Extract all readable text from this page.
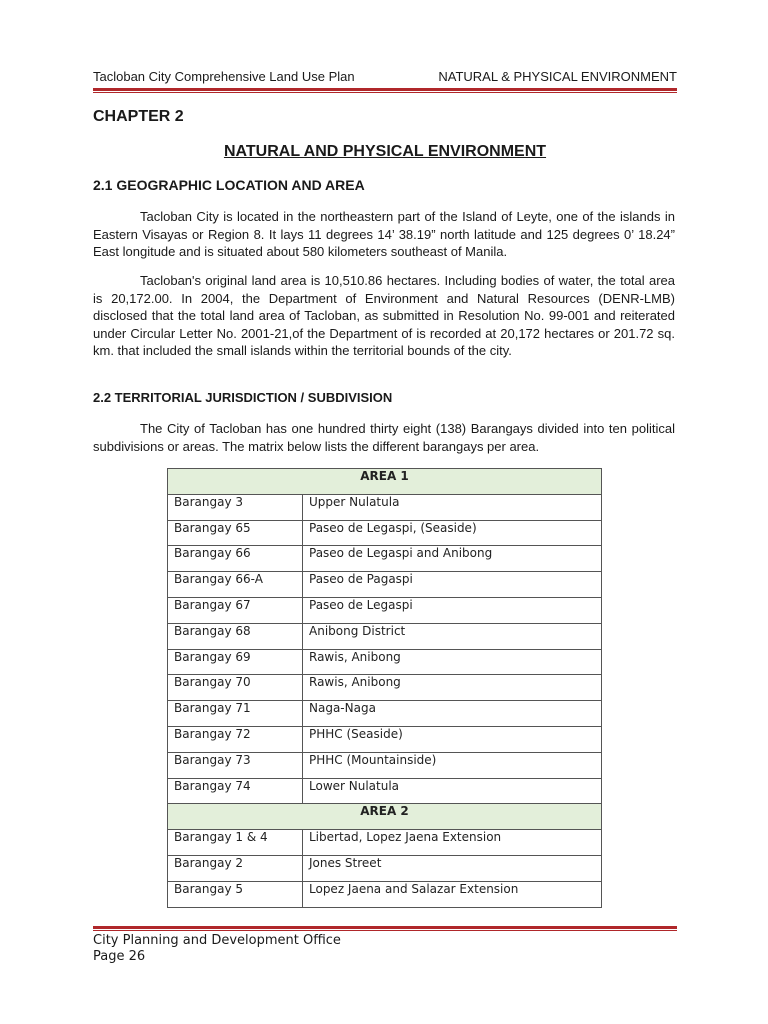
Tacloban City Comprehensive Land Use Plan	NATURAL & PHYSICAL ENVIRONMENT
CHAPTER 2
NATURAL AND PHYSICAL ENVIRONMENT
2.1 GEOGRAPHIC LOCATION AND AREA

Tacloban City is located in the northeastern part of the Island of Leyte, one of the islands in Eastern Visayas or Region 8. It lays 11 degrees 14’ 38.19” north latitude and 125 degrees 0’ 18.24” East longitude and is situated about 580 kilometers southeast of Manila.

Tacloban's original land area is 10,510.86 hectares. Including bodies of water, the total area is 20,172.00. In 2004, the Department of Environment and Natural Resources (DENR-LMB) disclosed that the total land area of Tacloban, as submitted in Resolution No. 99-001 and reiterated under Circular Letter No. 2001-21,of the Department of is recorded at 20,172 hectares or 201.72 sq. km. that included the small islands within the territorial bounds of the city.

2.2 TERRITORIAL JURISDICTION / SUBDIVISION

The City of Tacloban has one hundred thirty eight (138) Barangays divided into ten political subdivisions or areas. The matrix below lists the different barangays per area.

AREA 1	
Barangay 3	Upper Nulatula
Barangay 65	Paseo de Legaspi, (Seaside)
Barangay 66	Paseo de Legaspi and Anibong
Barangay 66-A	Paseo de Pagaspi
Barangay 67	Paseo de Legaspi
Barangay 68	Anibong District
Barangay 69	Rawis, Anibong
Barangay 70	Rawis, Anibong
Barangay 71	Naga-Naga
Barangay 72	PHHC (Seaside)
Barangay 73	PHHC (Mountainside)
Barangay 74	Lower Nulatula
AREA 2	
Barangay 1 & 4	Libertad, Lopez Jaena Extension
Barangay 2	Jones Street
Barangay 5	Lopez Jaena and Salazar Extension

City Planning and Development Office

Page 26
